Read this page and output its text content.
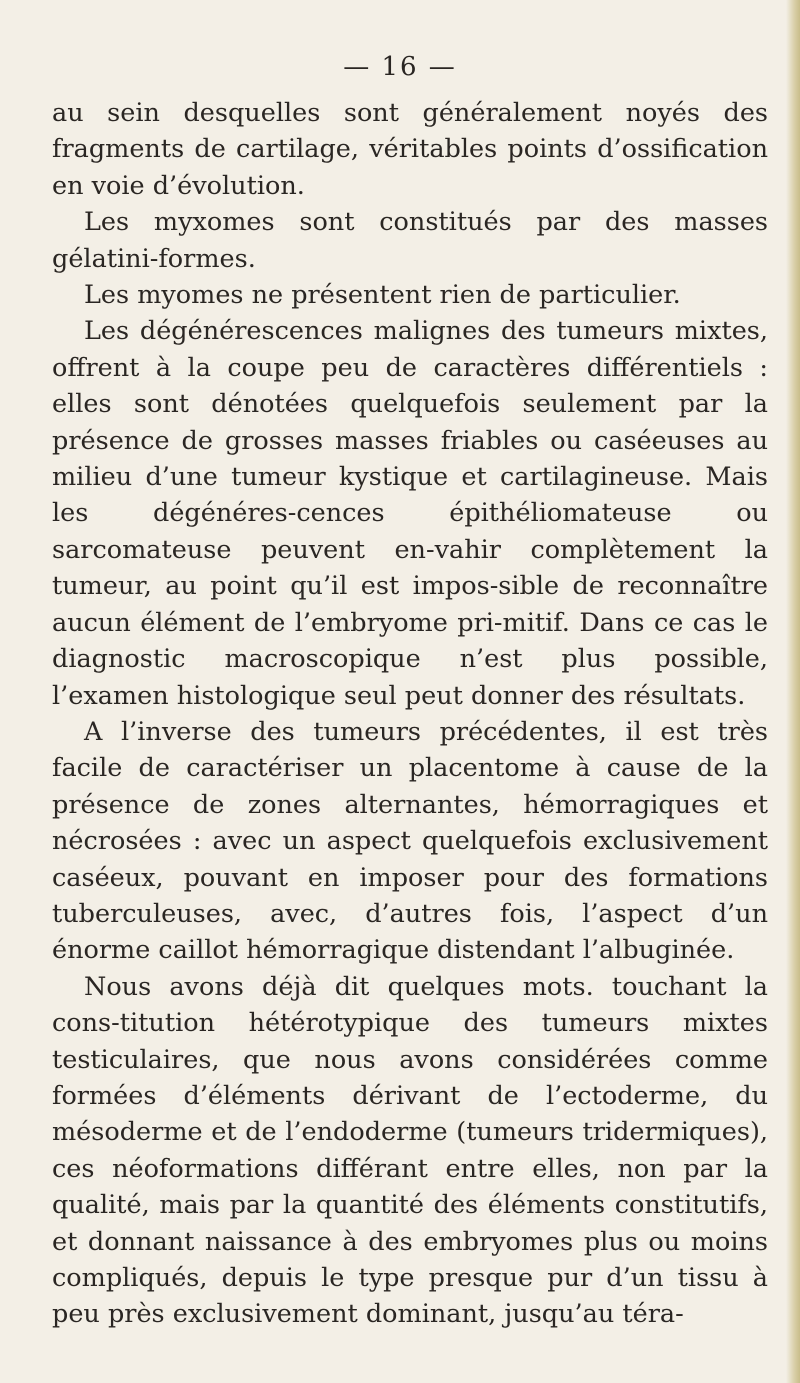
— 16 —

au sein desquelles sont généralement noyés des fragments de cartilage, véritables points d’ossification en voie d’évolution.

Les myxomes sont constitués par des masses gélatini-formes.

Les myomes ne présentent rien de particulier.

Les dégénérescences malignes des tumeurs mixtes, offrent à la coupe peu de caractères différentiels : elles sont dénotées quelquefois seulement par la présence de grosses masses friables ou caséeuses au milieu d’une tumeur kystique et cartilagineuse. Mais les dégénéres-cences épithéliomateuse ou sarcomateuse peuvent en-vahir complètement la tumeur, au point qu’il est impos-sible de reconnaître aucun élément de l’embryome pri-mitif. Dans ce cas le diagnostic macroscopique n’est plus possible, l’examen histologique seul peut donner des résultats.

A l’inverse des tumeurs précédentes, il est très facile de caractériser un placentome à cause de la présence de zones alternantes, hémorragiques et nécrosées : avec un aspect quelquefois exclusivement caséeux, pouvant en imposer pour des formations tuberculeuses, avec, d’autres fois, l’aspect d’un énorme caillot hémorragique distendant l’albuginée.

Nous avons déjà dit quelques mots. touchant la cons-titution hétérotypique des tumeurs mixtes testiculaires, que nous avons considérées comme formées d’éléments dérivant de l’ectoderme, du mésoderme et de l’endoderme (tumeurs tridermiques), ces néoformations différant entre elles, non par la qualité, mais par la quantité des éléments constitutifs, et donnant naissance à des embryomes plus ou moins compliqués, depuis le type presque pur d’un tissu à peu près exclusivement dominant, jusqu’au téra-
